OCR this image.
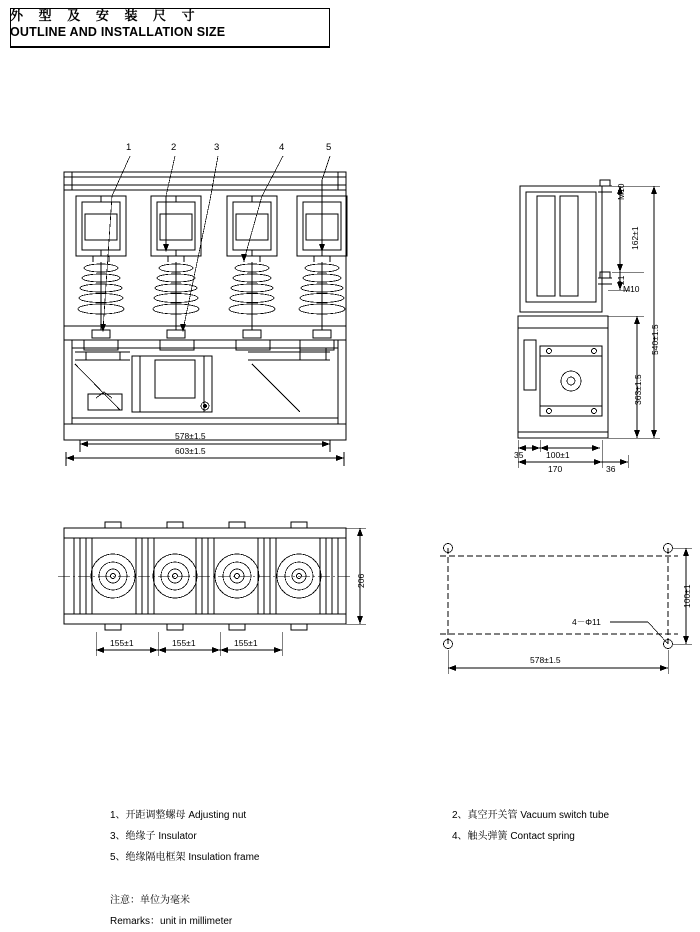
外 型 及 安 装 尺 寸
OUTLINE AND INSTALLATION SIZE
1	2	3	4	5
578±1.5
603±1.5
M10
162±1
21
M10
363±1.5
540±1.5
35	100±1
170	36
206
155±1	155±1	155±1
100±1
4－Φ11
578±1.5
1、开距调整螺母 Adjusting nut
3、绝缘子 Insulator
5、绝缘隔电框架 Insulation frame
2、真空开关管 Vacuum switch tube
4、触头弹簧 Contact spring
注意：单位为毫米
Remarks：unit in millimeter
